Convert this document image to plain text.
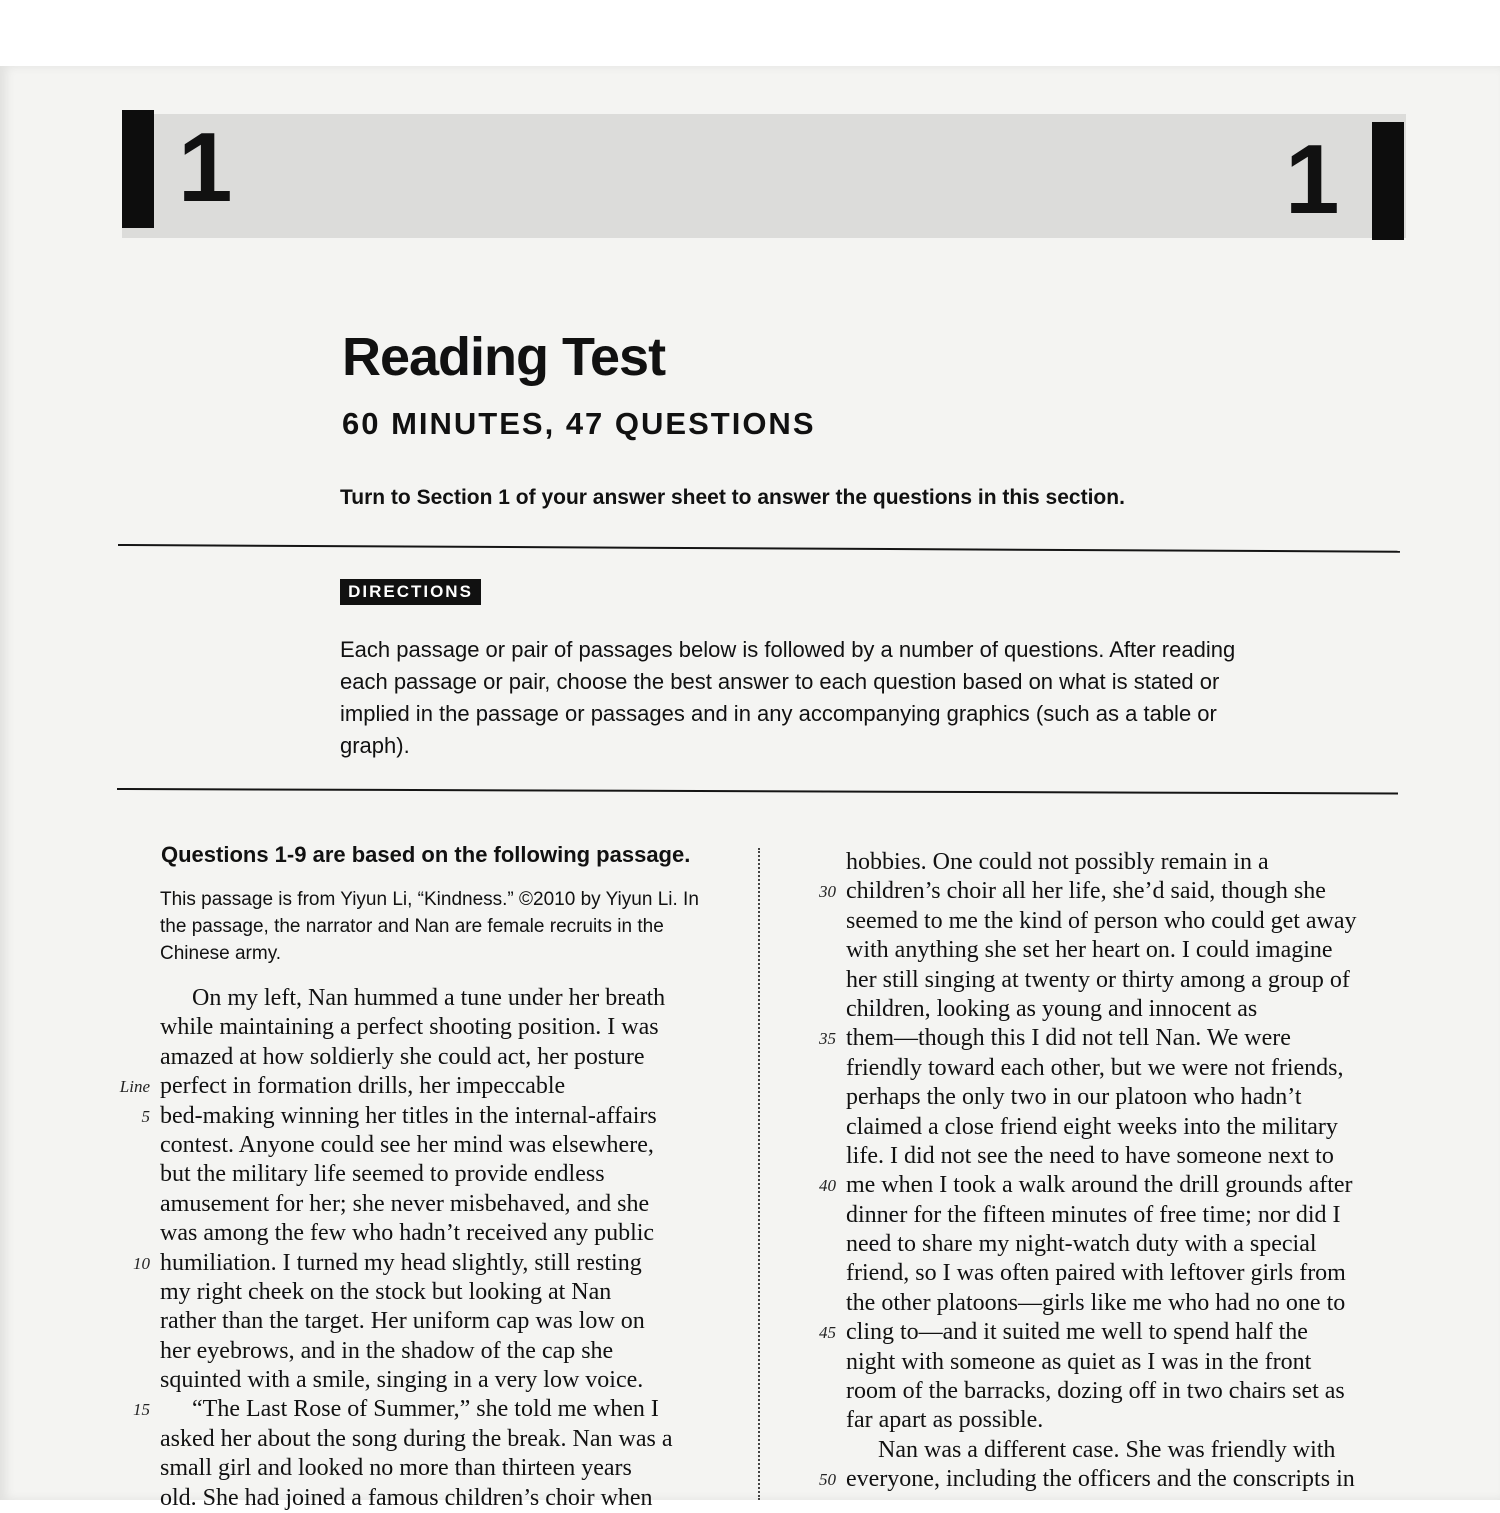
1	1
Reading Test
60 MINUTES, 47 QUESTIONS
Turn to Section 1 of your answer sheet to answer the questions in this section.
DIRECTIONS
Each passage or pair of passages below is followed by a number of questions. After reading each passage or pair, choose the best answer to each question based on what is stated or implied in the passage or passages and in any accompanying graphics (such as a table or graph).
Questions 1-9 are based on the following passage.
This passage is from Yiyun Li, “Kindness.” ©2010 by Yiyun Li. In the passage, the narrator and Nan are female recruits in the Chinese army.
On my left, Nan hummed a tune under her breath
while maintaining a perfect shooting position. I was
amazed at how soldierly she could act, her posture
Line perfect in formation drills, her impeccable
5 bed-making winning her titles in the internal-affairs
contest. Anyone could see her mind was elsewhere,
but the military life seemed to provide endless
amusement for her; she never misbehaved, and she
was among the few who hadn’t received any public
10 humiliation. I turned my head slightly, still resting
my right cheek on the stock but looking at Nan
rather than the target. Her uniform cap was low on
her eyebrows, and in the shadow of the cap she
squinted with a smile, singing in a very low voice.
15 “The Last Rose of Summer,” she told me when I
asked her about the song during the break. Nan was a
small girl and looked no more than thirteen years
old. She had joined a famous children’s choir when
hobbies. One could not possibly remain in a
30 children’s choir all her life, she’d said, though she
seemed to me the kind of person who could get away
with anything she set her heart on. I could imagine
her still singing at twenty or thirty among a group of
children, looking as young and innocent as
35 them—though this I did not tell Nan. We were
friendly toward each other, but we were not friends,
perhaps the only two in our platoon who hadn’t
claimed a close friend eight weeks into the military
life. I did not see the need to have someone next to
40 me when I took a walk around the drill grounds after
dinner for the fifteen minutes of free time; nor did I
need to share my night-watch duty with a special
friend, so I was often paired with leftover girls from
the other platoons—girls like me who had no one to
45 cling to—and it suited me well to spend half the
night with someone as quiet as I was in the front
room of the barracks, dozing off in two chairs set as
far apart as possible.
Nan was a different case. She was friendly with
50 everyone, including the officers and the conscripts in
